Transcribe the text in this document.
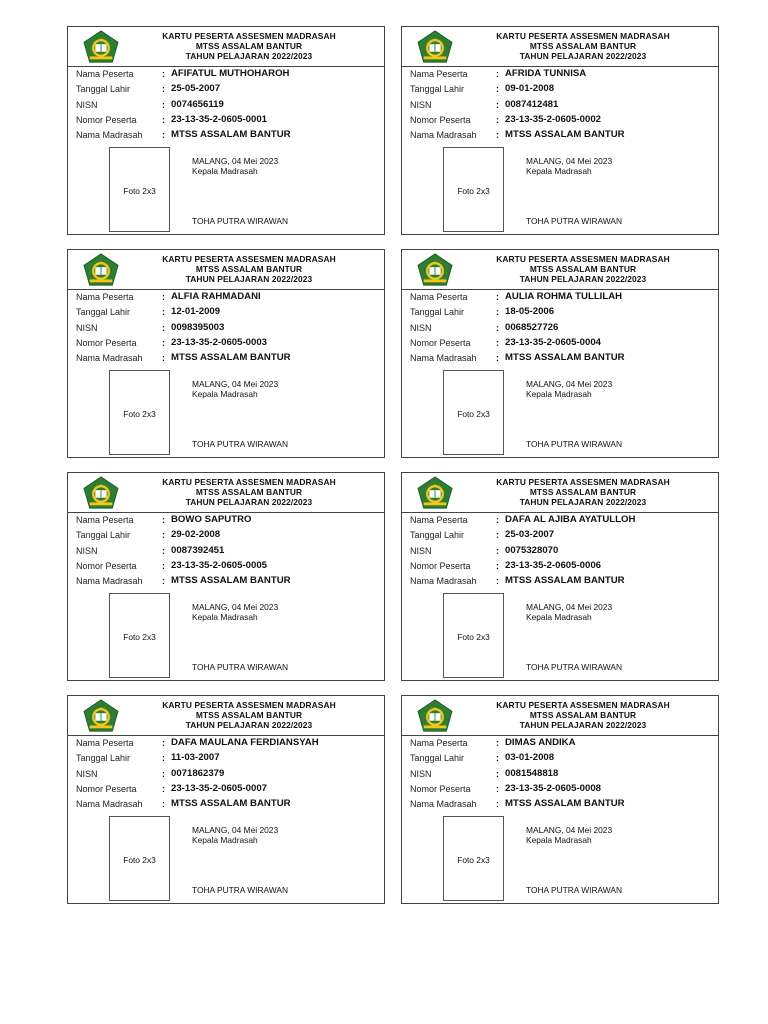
KARTU PESERTA ASSESMEN MADRASAH
MTSS ASSALAM BANTUR
TAHUN PELAJARAN 2022/2023
Nama Peserta	: AFIFATUL MUTHOHAROH
Tanggal Lahir	: 25-05-2007
NISN	: 0074656119
Nomor Peserta	: 23-13-35-2-0605-0001
Nama Madrasah : MTSS ASSALAM BANTUR
Foto 2x3
MALANG, 04 Mei 2023
Kepala Madrasah
TOHA PUTRA WIRAWAN
KARTU PESERTA ASSESMEN MADRASAH
MTSS ASSALAM BANTUR
TAHUN PELAJARAN 2022/2023
Nama Peserta	: AFRIDA TUNNISA
Tanggal Lahir	: 09-01-2008
NISN	: 0087412481
Nomor Peserta	: 23-13-35-2-0605-0002
Nama Madrasah : MTSS ASSALAM BANTUR
Foto 2x3
MALANG, 04 Mei 2023
Kepala Madrasah
TOHA PUTRA WIRAWAN
KARTU PESERTA ASSESMEN MADRASAH
MTSS ASSALAM BANTUR
TAHUN PELAJARAN 2022/2023
Nama Peserta	: ALFIA RAHMADANI
Tanggal Lahir	: 12-01-2009
NISN	: 0098395003
Nomor Peserta	: 23-13-35-2-0605-0003
Nama Madrasah : MTSS ASSALAM BANTUR
Foto 2x3
MALANG, 04 Mei 2023
Kepala Madrasah
TOHA PUTRA WIRAWAN
KARTU PESERTA ASSESMEN MADRASAH
MTSS ASSALAM BANTUR
TAHUN PELAJARAN 2022/2023
Nama Peserta	: AULIA ROHMA TULLILAH
Tanggal Lahir	: 18-05-2006
NISN	: 0068527726
Nomor Peserta	: 23-13-35-2-0605-0004
Nama Madrasah : MTSS ASSALAM BANTUR
Foto 2x3
MALANG, 04 Mei 2023
Kepala Madrasah
TOHA PUTRA WIRAWAN
KARTU PESERTA ASSESMEN MADRASAH
MTSS ASSALAM BANTUR
TAHUN PELAJARAN 2022/2023
Nama Peserta	: BOWO SAPUTRO
Tanggal Lahir	: 29-02-2008
NISN	: 0087392451
Nomor Peserta	: 23-13-35-2-0605-0005
Nama Madrasah : MTSS ASSALAM BANTUR
Foto 2x3
MALANG, 04 Mei 2023
Kepala Madrasah
TOHA PUTRA WIRAWAN
KARTU PESERTA ASSESMEN MADRASAH
MTSS ASSALAM BANTUR
TAHUN PELAJARAN 2022/2023
Nama Peserta	: DAFA AL AJIBA AYATULLOH
Tanggal Lahir	: 25-03-2007
NISN	: 0075328070
Nomor Peserta	: 23-13-35-2-0605-0006
Nama Madrasah : MTSS ASSALAM BANTUR
Foto 2x3
MALANG, 04 Mei 2023
Kepala Madrasah
TOHA PUTRA WIRAWAN
KARTU PESERTA ASSESMEN MADRASAH
MTSS ASSALAM BANTUR
TAHUN PELAJARAN 2022/2023
Nama Peserta	: DAFA MAULANA FERDIANSYAH
Tanggal Lahir	: 11-03-2007
NISN	: 0071862379
Nomor Peserta	: 23-13-35-2-0605-0007
Nama Madrasah : MTSS ASSALAM BANTUR
Foto 2x3
MALANG, 04 Mei 2023
Kepala Madrasah
TOHA PUTRA WIRAWAN
KARTU PESERTA ASSESMEN MADRASAH
MTSS ASSALAM BANTUR
TAHUN PELAJARAN 2022/2023
Nama Peserta	: DIMAS ANDIKA
Tanggal Lahir	: 03-01-2008
NISN	: 0081548818
Nomor Peserta	: 23-13-35-2-0605-0008
Nama Madrasah : MTSS ASSALAM BANTUR
Foto 2x3
MALANG, 04 Mei 2023
Kepala Madrasah
TOHA PUTRA WIRAWAN
